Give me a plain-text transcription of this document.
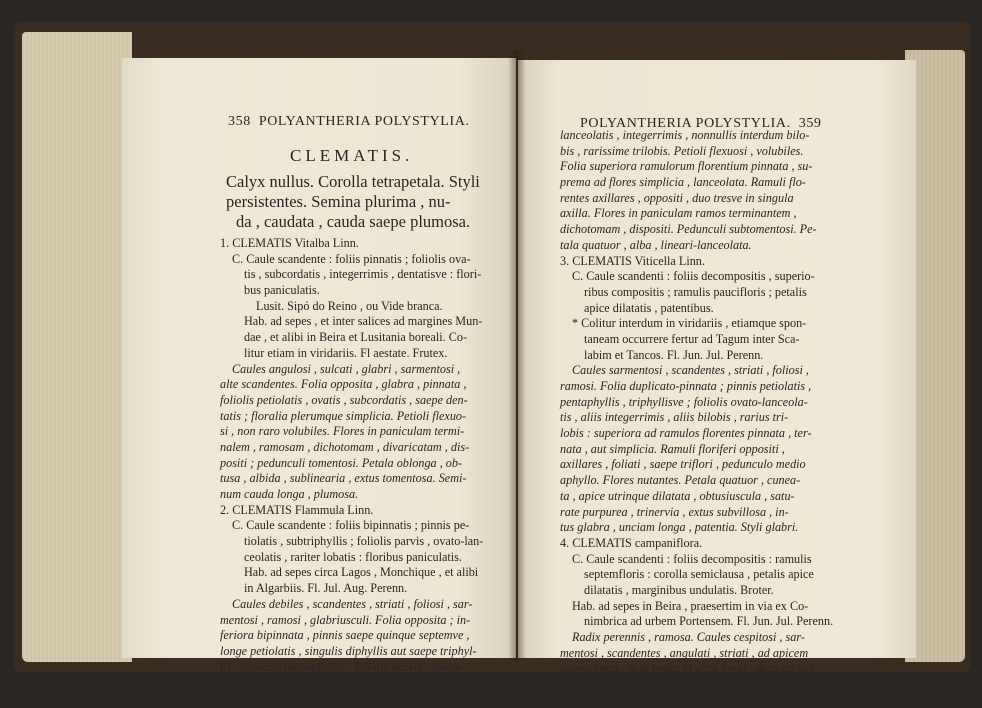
358 POLYANTHERIA POLYSTYLIA.
CLEMATIS.
Calyx nullus. Corolla tetrapetala. Styli
persistentes. Semina plurima , nu-
da , caudata , cauda saepe plumosa.
1. CLEMATIS Vitalba Linn.
C. Caule scandente : foliis pinnatis ; foliolis ova-
tis , subcordatis , integerrimis , dentatisve : flori-
bus paniculatis.
Lusit. Sipó do Reino , ou Vide branca.
Hab. ad sepes , et inter salices ad margines Mun-
dae , et alibi in Beira et Lusitania boreali. Co-
litur etiam in viridariis. Fl aestate. Frutex.
Caules angulosi , sulcati , glabri , sarmentosi ,
alte scandentes. Folia opposita , glabra , pinnata ,
foliolis petiolatis , ovatis , subcordatis , saepe den-
tatis ; floralia plerumque simplicia. Petioli flexuo-
si , non raro volubiles. Flores in paniculam termi-
nalem , ramosam , dichotomam , divaricatam , dis-
positi ; pedunculi tomentosi. Petala oblonga , ob-
tusa , albida , sublinearia , extus tomentosa. Semi-
num cauda longa , plumosa.
2. CLEMATIS Flammula Linn.
C. Caule scandente : foliis bipinnatis ; pinnis pe-
tiolatis , subtriphyllis ; foliolis parvis , ovato-lan-
ceolatis , rariter lobatis : floribus paniculatis.
Hab. ad sepes circa Lagos , Monchique , et alibi
in Algarbiis. Fl. Jul. Aug. Perenn.
Caules debiles , scandentes , striati , foliosi , sar-
mentosi , ramosi , glabriusculi. Folia opposita ; in-
feriora bipinnata , pinnis saepe quinque septemve ,
longe petiolatis , singulis diphyllis aut saepe triphyl-
lis , extremis monophyllis ; foliolis parvis , ovato-
lan-
POLYANTHERIA POLYSTYLIA. 359
lanceolatis , integerrimis , nonnullis interdum bilo-
bis , rarissime trilobis. Petioli flexuosi , volubiles.
Folia superiora ramulorum florentium pinnata , su-
prema ad flores simplicia , lanceolata. Ramuli flo-
rentes axillares , oppositi , duo tresve in singula
axilla. Flores in paniculam ramos terminantem ,
dichotomam , dispositi. Pedunculi subtomentosi. Pe-
tala quatuor , alba , lineari-lanceolata.
3. CLEMATIS Viticella Linn.
C. Caule scandenti : foliis decompositis , superio-
ribus compositis ; ramulis paucifloris ; petalis
apice dilatatis , patentibus.
* Colitur interdum in viridariis , etiamque spon-
taneam occurrere fertur ad Tagum inter Sca-
labim et Tancos. Fl. Jun. Jul. Perenn.
Caules sarmentosi , scandentes , striati , foliosi ,
ramosi. Folia duplicato-pinnata ; pinnis petiolatis ,
pentaphyllis , triphyllisve ; foliolis ovato-lanceola-
tis , aliis integerrimis , aliis bilobis , rarius tri-
lobis : superiora ad ramulos florentes pinnata , ter-
nata , aut simplicia. Ramuli floriferi oppositi ,
axillares , foliati , saepe triflori , pedunculo medio
aphyllo. Flores nutantes. Petala quatuor , cunea-
ta , apice utrinque dilatata , obtusiuscula , satu-
rate purpurea , trinervia , extus subvillosa , in-
tus glabra , unciam longa , patentia. Styli glabri.
4. CLEMATIS campaniflora.
C. Caule scandenti : foliis decompositis : ramulis
septemfloris : corolla semiclausa , petalis apice
dilatatis , marginibus undulatis. Broter.
Hab. ad sepes in Beira , praesertim in via ex Co-
nimbrica ad urbem Portensem. Fl. Jun. Jul. Perenn.
Radix perennis , ramosa. Caules cespitosi , sar-
mentosi , scandentes , angulati , striati , ad apicem
pubescentes , octo pedes et ultra longi , duas ad tres
lineas inferne lati : rami axillares , oppositi , va-
rie
